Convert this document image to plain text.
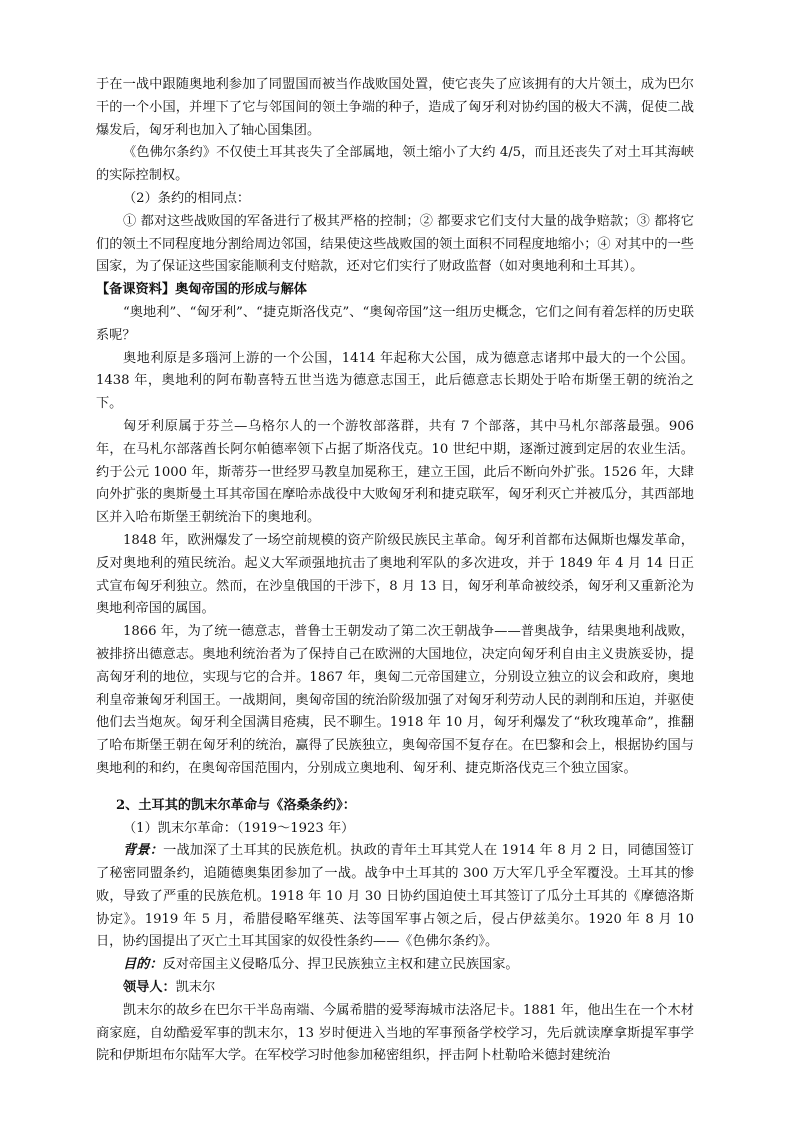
于在一战中跟随奥地利参加了同盟国而被当作战败国处置，使它丧失了应该拥有的大片领土，成为巴尔干的一个小国，并埋下了它与邻国间的领土争端的种子，造成了匈牙利对协约国的极大不满，促使二战爆发后，匈牙利也加入了轴心国集团。

《色佛尔条约》不仅使土耳其丧失了全部属地，领土缩小了大约 4/5，而且还丧失了对土耳其海峡的实际控制权。

（2）条约的相同点：

① 都对这些战败国的军备进行了极其严格的控制；② 都要求它们支付大量的战争赔款；③ 都将它们的领土不同程度地分割给周边邻国，结果使这些战败国的领土面积不同程度地缩小；④ 对其中的一些国家，为了保证这些国家能顺利支付赔款，还对它们实行了财政监督（如对奥地利和土耳其）。

【备课资料】奥匈帝国的形成与解体

“奥地利”、“匈牙利”、“捷克斯洛伐克”、“奥匈帝国”这一组历史概念，它们之间有着怎样的历史联系呢？

奥地利原是多瑙河上游的一个公国，1414 年起称大公国，成为德意志诸邦中最大的一个公国。1438 年，奥地利的阿布勒喜特五世当选为德意志国王，此后德意志长期处于哈布斯堡王朝的统治之下。

匈牙利原属于芬兰—乌格尔人的一个游牧部落群，共有 7 个部落，其中马札尔部落最强。906 年，在马札尔部落酋长阿尔帕德率领下占据了斯洛伐克。10 世纪中期，逐渐过渡到定居的农业生活。约于公元 1000 年，斯蒂芬一世经罗马教皇加冕称王，建立王国，此后不断向外扩张。1526 年，大肆向外扩张的奥斯曼土耳其帝国在摩哈赤战役中大败匈牙利和捷克联军，匈牙利灭亡并被瓜分，其西部地区并入哈布斯堡王朝统治下的奥地利。

1848 年，欧洲爆发了一场空前规模的资产阶级民族民主革命。匈牙利首都布达佩斯也爆发革命，反对奥地利的殖民统治。起义大军顽强地抗击了奥地利军队的多次进攻，并于 1849 年 4 月 14 日正式宣布匈牙利独立。然而，在沙皇俄国的干涉下，8 月 13 日，匈牙利革命被绞杀，匈牙利又重新沦为奥地利帝国的属国。

1866 年，为了统一德意志，普鲁士王朝发动了第二次王朝战争——普奥战争，结果奥地利战败，被排挤出德意志。奥地利统治者为了保持自己在欧洲的大国地位，决定向匈牙利自由主义贵族妥协，提高匈牙利的地位，实现与它的合并。1867 年，奥匈二元帝国建立，分别设立独立的议会和政府，奥地利皇帝兼匈牙利国王。一战期间，奥匈帝国的统治阶级加强了对匈牙利劳动人民的剥削和压迫，并驱使他们去当炮灰。匈牙利全国满目疮痍，民不聊生。1918 年 10 月，匈牙利爆发了“秋玫瑰革命”，推翻了哈布斯堡王朝在匈牙利的统治，赢得了民族独立，奥匈帝国不复存在。在巴黎和会上，根据协约国与奥地利的和约，在奥匈帝国范围内，分别成立奥地利、匈牙利、捷克斯洛伐克三个独立国家。

2、土耳其的凯末尔革命与《洛桑条约》：

（1）凯末尔革命：（1919～1923 年）

背景：一战加深了土耳其的民族危机。执政的青年土耳其党人在 1914 年 8 月 2 日，同德国签订了秘密同盟条约，追随德奥集团参加了一战。战争中土耳其的 300 万大军几乎全军覆没。土耳其的惨败，导致了严重的民族危机。1918 年 10 月 30 日协约国迫使土耳其签订了瓜分土耳其的《摩德洛斯协定》。1919 年 5 月，希腊侵略军继英、法等国军事占领之后，侵占伊兹美尔。1920 年 8 月 10 日，协约国提出了灭亡土耳其国家的奴役性条约——《色佛尔条约》。

目的：反对帝国主义侵略瓜分、捍卫民族独立主权和建立民族国家。

领导人：凯末尔

凯末尔的故乡在巴尔干半岛南端、今属希腊的爱琴海城市法洛尼卡。1881 年，他出生在一个木材商家庭，自幼酷爱军事的凯末尔，13 岁时便进入当地的军事预备学校学习，先后就读摩拿斯提军事学院和伊斯坦布尔陆军大学。在军校学习时他参加秘密组织，抨击阿卜杜勒哈米德封建统治
